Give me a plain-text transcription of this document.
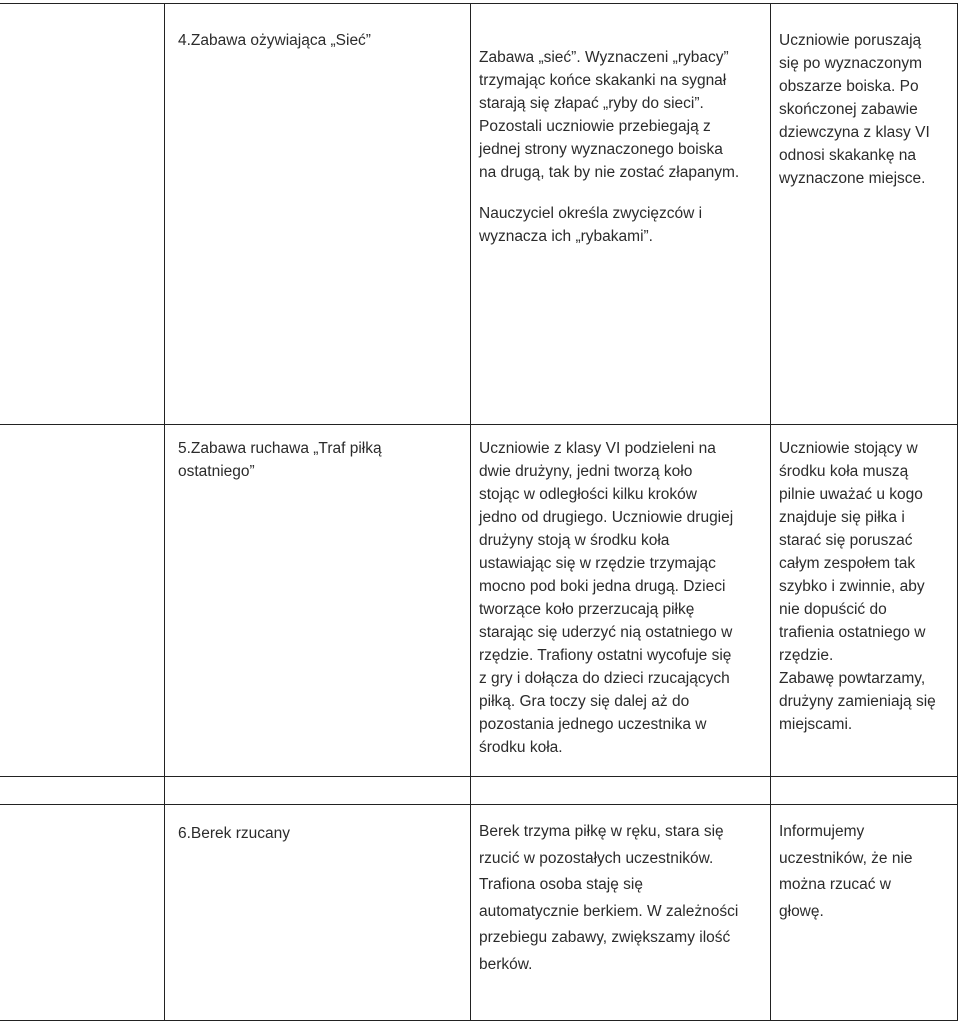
4.Zabawa ożywiająca „Sieć”

Zabawa „sieć”. Wyznaczeni „rybacy”
trzymając końce skakanki na sygnał
starają się złapać „ryby do sieci”.
Pozostali uczniowie przebiegają z
jednej strony wyznaczonego boiska
na drugą, tak by nie zostać złapanym.

Nauczyciel określa zwycięzców i
wyznacza ich „rybakami”.

Uczniowie poruszają
się po wyznaczonym
obszarze boiska. Po
skończonej zabawie
dziewczyna z klasy VI
odnosi skakankę na
wyznaczone miejsce.

5.Zabawa ruchawa „Traf piłką
ostatniego”

Uczniowie z klasy VI podzieleni na
dwie drużyny, jedni tworzą koło
stojąc w odległości kilku kroków
jedno od drugiego. Uczniowie drugiej
drużyny stoją w środku koła
ustawiając się w rzędzie trzymając
mocno pod boki jedna drugą. Dzieci
tworzące koło przerzucają piłkę
starając się uderzyć nią ostatniego w
rzędzie. Trafiony ostatni wycofuje się
z gry i dołącza do dzieci rzucających
piłką. Gra toczy się dalej aż do
pozostania jednego uczestnika w
środku koła.

Uczniowie stojący w
środku koła muszą
pilnie uważać u kogo
znajduje się piłka i
starać się poruszać
całym zespołem tak
szybko i zwinnie, aby
nie dopuścić do
trafienia ostatniego w
rzędzie.
Zabawę powtarzamy,
drużyny zamieniają się
miejscami.

6.Berek rzucany	Berek trzyma piłkę w ręku, stara się
rzucić w pozostałych uczestników.
Trafiona osoba staję się
automatycznie berkiem. W zależności
przebiegu zabawy, zwiększamy ilość
berków.

Informujemy
uczestników, że nie
można rzucać w
głowę.
